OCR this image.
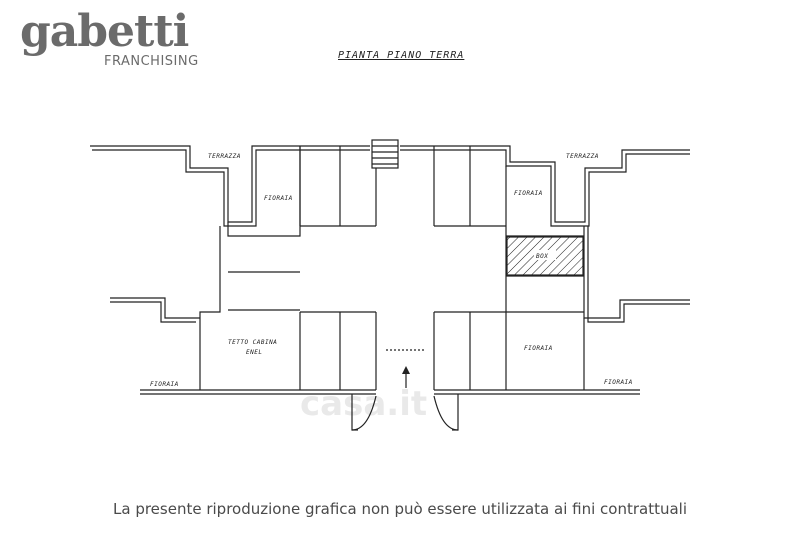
gabetti
FRANCHISING	PIANTA PIANO TERRA
casa.it
TERRAZZA	TERRAZZA
FIORAIA
FIORAIA
BOX
TETTO CABINA
ENEL
FIORAIA
FIORAIA	FIORAIA
La presente riproduzione grafica non può essere utilizzata ai fini contrattuali
